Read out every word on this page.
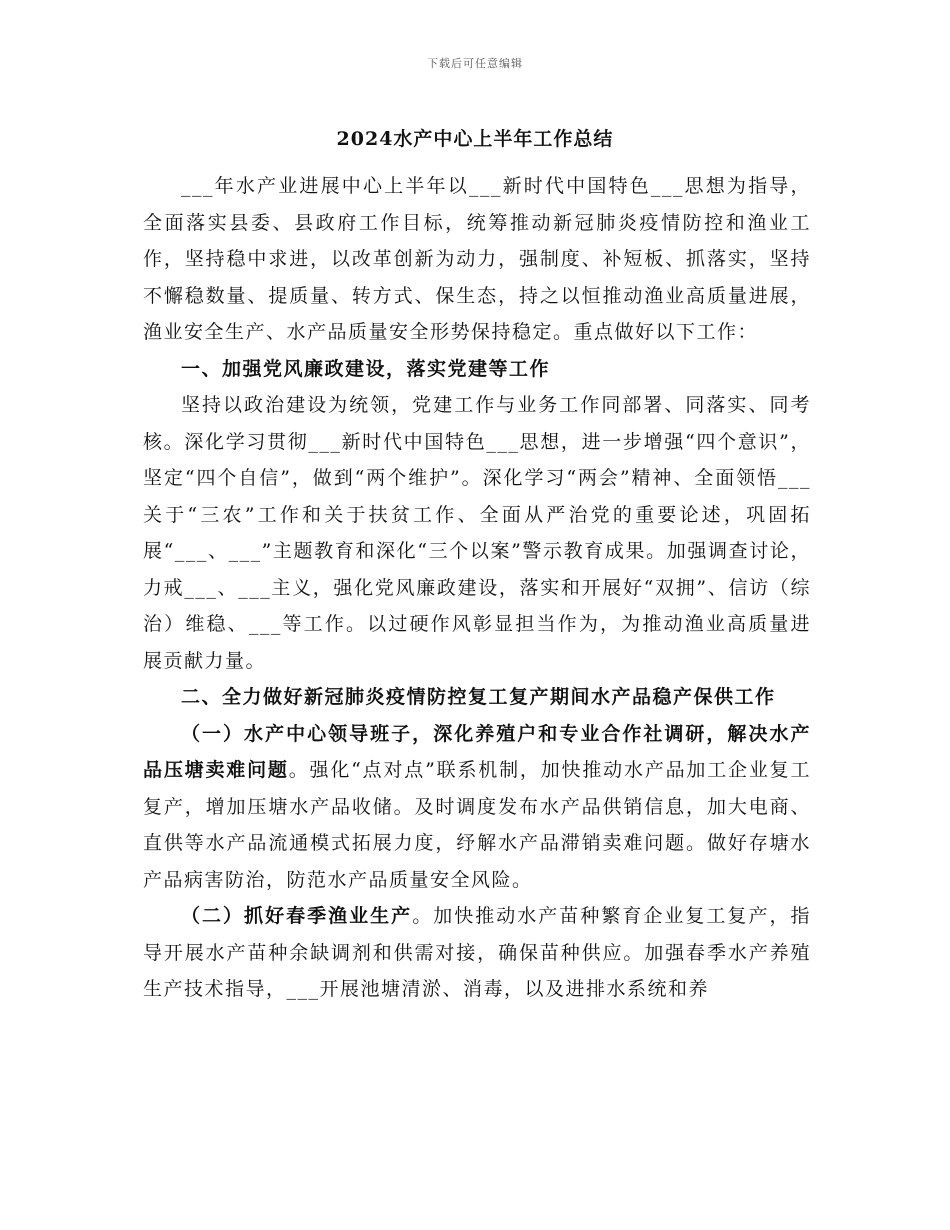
下载后可任意编辑
2024水产中心上半年工作总结

___年水产业进展中心上半年以___新时代中国特色___思想为指导，全面落实县委、县政府工作目标，统筹推动新冠肺炎疫情防控和渔业工作，坚持稳中求进，以改革创新为动力，强制度、补短板、抓落实，坚持不懈稳数量、提质量、转方式、保生态，持之以恒推动渔业高质量进展，渔业安全生产、水产品质量安全形势保持稳定。重点做好以下工作：

一、加强党风廉政建设，落实党建等工作

坚持以政治建设为统领，党建工作与业务工作同部署、同落实、同考核。深化学习贯彻___新时代中国特色___思想，进一步增强“四个意识”，坚定“四个自信”，做到“两个维护”。深化学习“两会”精神、全面领悟___关于“三农”工作和关于扶贫工作、全面从严治党的重要论述，巩固拓展“___、___”主题教育和深化“三个以案”警示教育成果。加强调查讨论，力戒___、___主义，强化党风廉政建设，落实和开展好“双拥”、信访（综治）维稳、___等工作。以过硬作风彰显担当作为，为推动渔业高质量进展贡献力量。

二、全力做好新冠肺炎疫情防控复工复产期间水产品稳产保供工作

（一）水产中心领导班子，深化养殖户和专业合作社调研，解决水产品压塘卖难问题。强化“点对点”联系机制，加快推动水产品加工企业复工复产，增加压塘水产品收储。及时调度发布水产品供销信息，加大电商、直供等水产品流通模式拓展力度，纾解水产品滞销卖难问题。做好存塘水产品病害防治，防范水产品质量安全风险。

（二）抓好春季渔业生产。加快推动水产苗种繁育企业复工复产，指导开展水产苗种余缺调剂和供需对接，确保苗种供应。加强春季水产养殖生产技术指导，___开展池塘清淤、消毒，以及进排水系统和养
